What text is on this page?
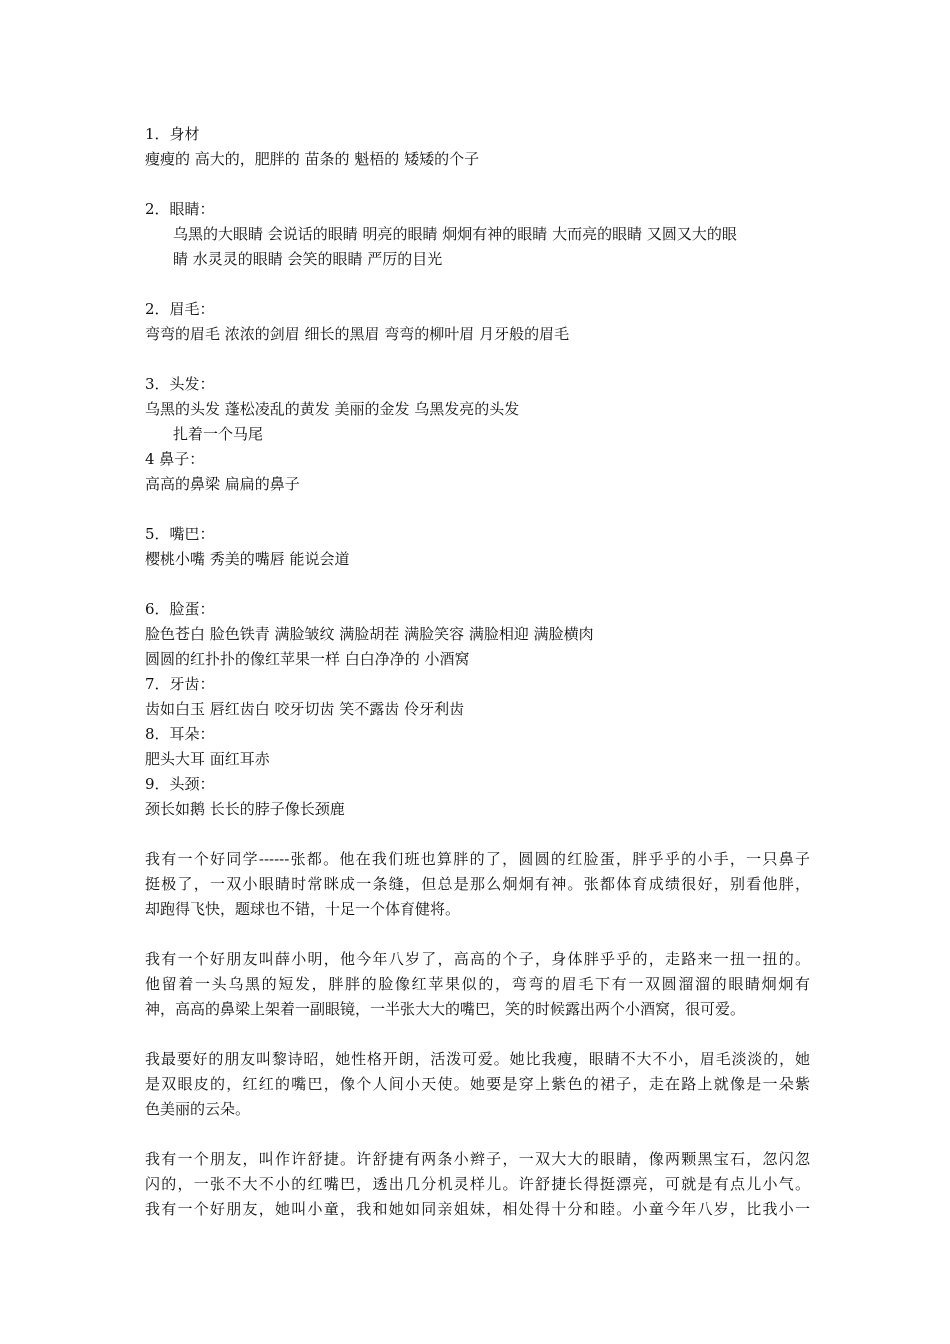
1．身材
瘦瘦的 高大的，肥胖的 苗条的 魁梧的 矮矮的个子
2．眼睛：
乌黑的大眼睛 会说话的眼睛 明亮的眼睛 炯炯有神的眼睛 大而亮的眼睛 又圆又大的眼
睛 水灵灵的眼睛 会笑的眼睛 严厉的目光
2．眉毛：
弯弯的眉毛 浓浓的剑眉 细长的黑眉 弯弯的柳叶眉 月牙般的眉毛
3．头发：
乌黑的头发 蓬松凌乱的黄发 美丽的金发 乌黑发亮的头发
扎着一个马尾
4 鼻子：
高高的鼻梁 扁扁的鼻子
5．嘴巴：
樱桃小嘴 秀美的嘴唇 能说会道
6．脸蛋：
脸色苍白 脸色铁青 满脸皱纹 满脸胡茬 满脸笑容 满脸相迎 满脸横肉
圆圆的红扑扑的像红苹果一样 白白净净的 小酒窝
7．牙齿：
齿如白玉 唇红齿白 咬牙切齿 笑不露齿 伶牙利齿
8．耳朵：
肥头大耳 面红耳赤
9．头颈：
颈长如鹅 长长的脖子像长颈鹿
我有一个好同学------张都。他在我们班也算胖的了，圆圆的红脸蛋，胖乎乎的小手，一只鼻子
挺极了，一双小眼睛时常眯成一条缝，但总是那么炯炯有神。张都体育成绩很好，别看他胖，
却跑得飞快，题球也不错，十足一个体育健将。
我有一个好朋友叫薛小明，他今年八岁了，高高的个子，身体胖乎乎的，走路来一扭一扭的。
他留着一头乌黑的短发，胖胖的脸像红苹果似的，弯弯的眉毛下有一双圆溜溜的眼睛炯炯有
神，高高的鼻梁上架着一副眼镜，一半张大大的嘴巴，笑的时候露出两个小酒窝，很可爱。
我最要好的朋友叫黎诗昭，她性格开朗，活泼可爱。她比我瘦，眼睛不大不小，眉毛淡淡的，她
是双眼皮的，红红的嘴巴，像个人间小天使。她要是穿上紫色的裙子，走在路上就像是一朵紫
色美丽的云朵。
我有一个朋友，叫作许舒捷。许舒捷有两条小辫子，一双大大的眼睛，像两颗黑宝石，忽闪忽
闪的，一张不大不小的红嘴巴，透出几分机灵样儿。许舒捷长得挺漂亮，可就是有点儿小气。
我有一个好朋友，她叫小童，我和她如同亲姐妹，相处得十分和睦。小童今年八岁，比我小一
